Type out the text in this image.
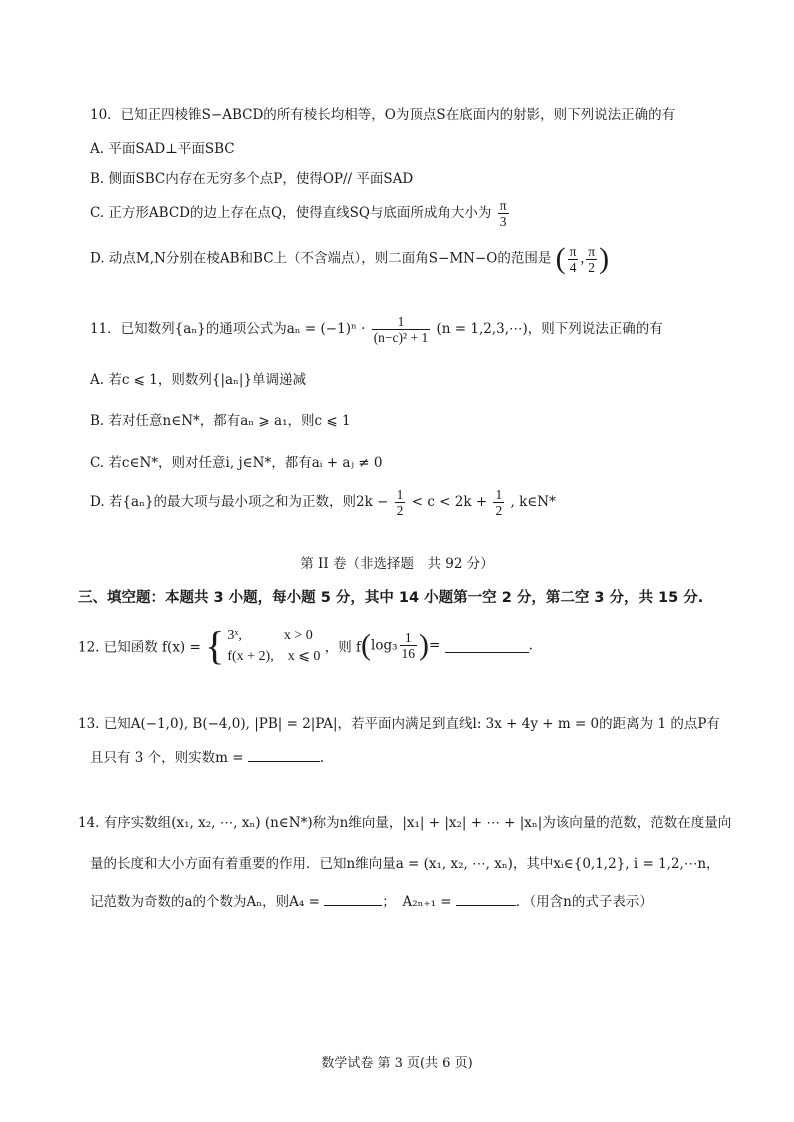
10．已知正四棱锥S−ABCD的所有棱长均相等，O为顶点S在底面内的射影，则下列说法正确的有
A. 平面SAD⊥平面SBC
B. 侧面SBC内存在无穷多个点P，使得OP// 平面SAD
C. 正方形ABCD的边上存在点Q，使得直线SQ与底面所成角大小为 $\frac{\pi}{3}$
D. 动点M,N分别在棱AB和BC上（不含端点），则二面角S−MN−O的范围是 ( $\frac{\pi}{4}$ , $\frac{\pi}{2}$ )
11．已知数列{aₙ}的通项公式为$a_n = (-1)^n \cdot \frac{1}{\text{(n−c)² + 1}} (n$ = 1,2,3,⋯)，则下列说法正确的有
A. 若c ⩽ 1，则数列{|aₙ|}单调递减
B. 若对任意n∈N*，都有aₙ ⩾ a₁，则c ⩽ 1
C. 若c∈N*，则对任意i, j∈N*，都有aᵢ + aⱼ ≠ 0
D. 若{aₙ}的最大项与最小项之和为正数，则$2k - \frac{1}{2} < c < 2k + \frac{1}{2}$ , k∈N*
第 II 卷（非选择题　共 92 分）
三、填空题：本题共 3 小题，每小题 5 分，其中 14 小题第一空 2 分，第二空 3 分，共 15 分.
12. 已知函数 f(x) = { 3ˣ,　　　x > 0
f(x + 2),　x ⩽ 0
，则 $f(\log_3 \frac{1}{16}$ )=	.
13. 已知A(−1,0), B(−4,0), |PB| = 2|PA|，若平面内满足到直线l: 3x + 4y + m = 0的距离为 1 的点P有
且只有 3 个，则实数m =	.
14. 有序实数组(x₁, x₂, ⋯, xₙ) (n∈N*)称为n维向量，|x₁| + |x₂| + ⋯ + |xₙ|为该向量的范数，范数在度量向
量的长度和大小方面有着重要的作用．已知n维向量a = (x₁, x₂, ⋯, xₙ)，其中xᵢ∈{0,1,2}, i = 1,2,⋯n，
记范数为奇数的a的个数为Aₙ，则A₄ =	；　A₂ₙ₊₁ =	．（用含n的式子表示）
数学试卷 第 3 页(共 6 页)
